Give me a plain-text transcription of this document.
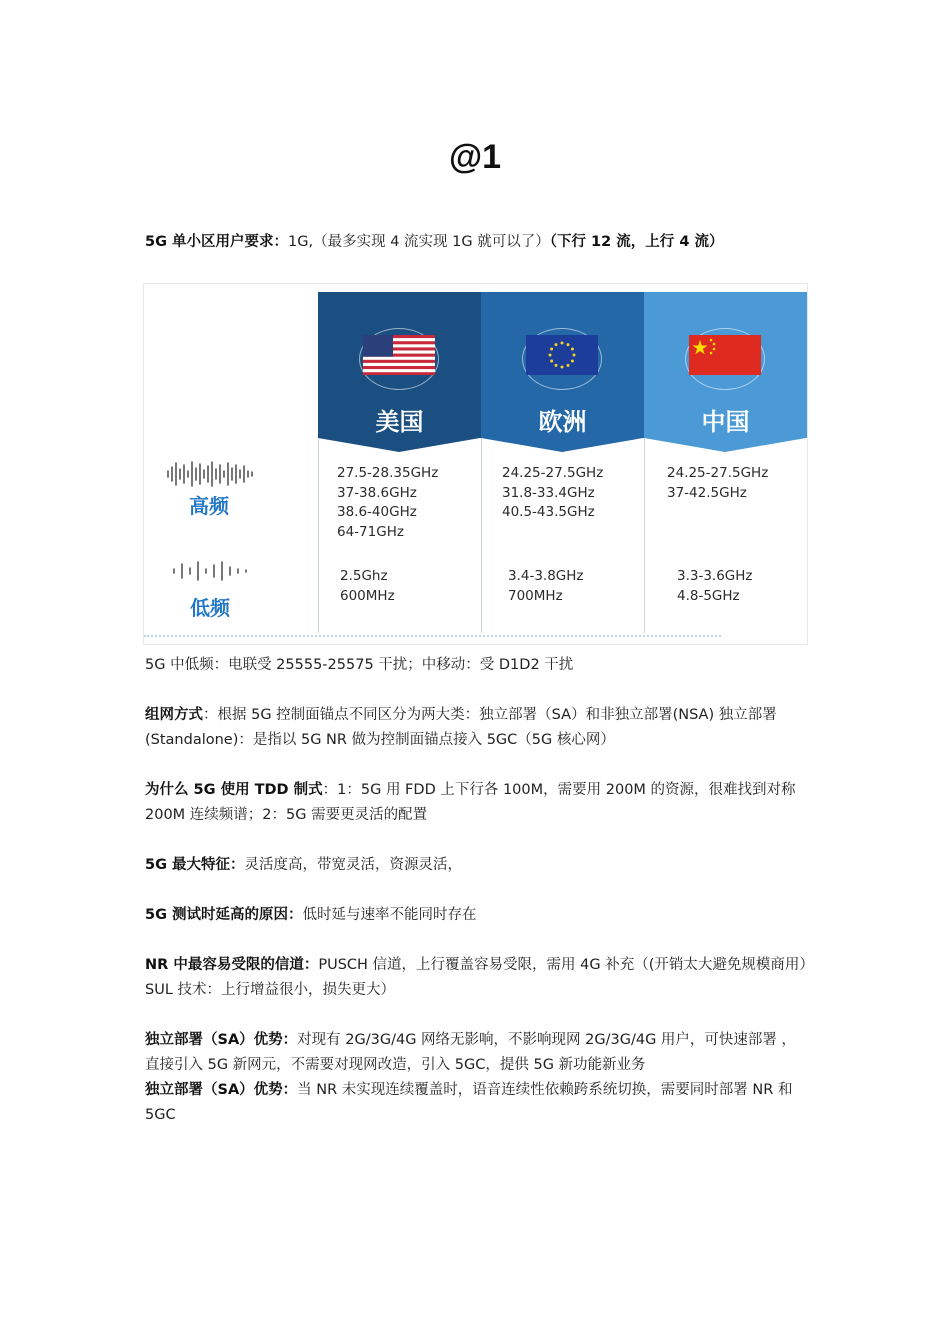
@1
5G 单小区用户要求：1G,（最多实现 4 流实现 1G 就可以了）（下行 12 流，上行 4 流）
美国	欧洲	中国
高频
低频
27.5-28.35GHz
37-38.6GHz
38.6-40GHz
64-71GHz
24.25-27.5GHz
31.8-33.4GHz
40.5-43.5GHz
24.25-27.5GHz
37-42.5GHz
2.5Ghz
600MHz
3.4-3.8GHz
700MHz
3.3-3.6GHz
4.8-5GHz
5G 中低频：电联受 25555-25575 干扰；中移动：受 D1D2 干扰
组网方式：根据 5G 控制面锚点不同区分为两大类：独立部署（SA）和非独立部署(NSA) 独立部署(Standalone)：是指以 5G NR 做为控制面锚点接入 5GC（5G 核心网）
为什么 5G 使用 TDD 制式：1：5G 用 FDD 上下行各 100M，需要用 200M 的资源，很难找到对称 200M 连续频谱；2：5G 需要更灵活的配置
5G 最大特征：灵活度高，带宽灵活，资源灵活，
5G 测试时延高的原因：低时延与速率不能同时存在
NR 中最容易受限的信道：PUSCH 信道，上行覆盖容易受限，需用 4G 补充（(开销太大避免规模商用）SUL 技术：上行增益很小，损失更大）
独立部署（SA）优势：对现有 2G/3G/4G 网络无影响，不影响现网 2G/3G/4G 用户，可快速部署 ， 直接引入 5G 新网元，不需要对现网改造，引入 5GC，提供 5G 新功能新业务
独立部署（SA）优势：当 NR 未实现连续覆盖时，语音连续性依赖跨系统切换，需要同时部署 NR 和 5GC
